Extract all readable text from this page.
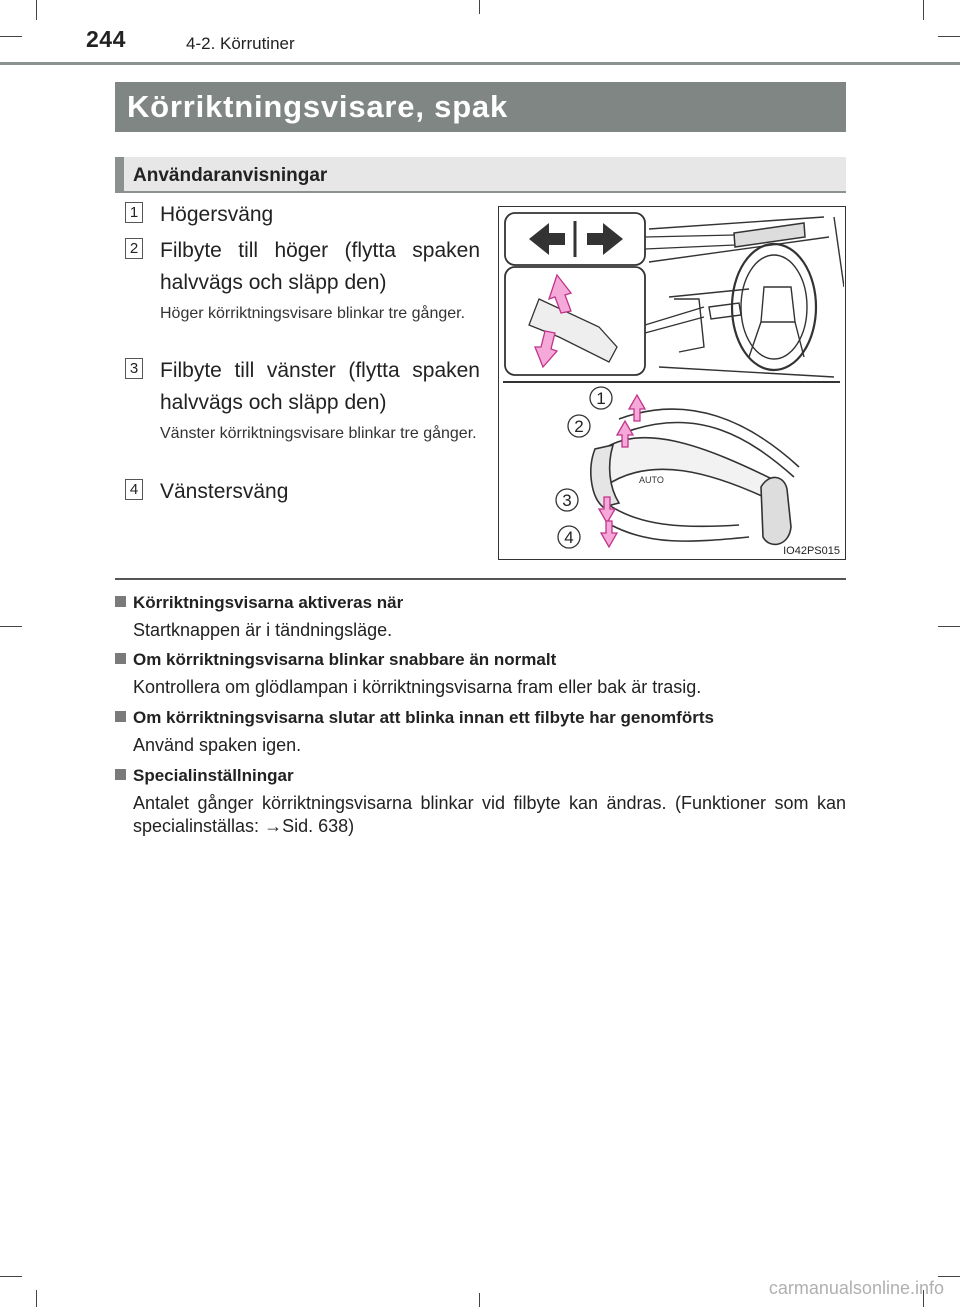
244	4-2. Körrutiner
Körriktningsvisare, spak
Användaranvisningar
1 Högersväng
2 Filbyte till höger (flytta spaken halvvägs och släpp den)
Höger körriktningsvisare blinkar tre gånger.
3 Filbyte till vänster (flytta spaken halvvägs och släpp den)
Vänster körriktningsvisare blinkar tre gånger.
4 Vänstersväng	AUTO
1
2
3
4
IO42PS015
Körriktningsvisarna aktiveras när
Startknappen är i tändningsläge.
Om körriktningsvisarna blinkar snabbare än normalt
Kontrollera om glödlampan i körriktningsvisarna fram eller bak är trasig.
Om körriktningsvisarna slutar att blinka innan ett filbyte har genomförts
Använd spaken igen.
Specialinställningar
Antalet gånger körriktningsvisarna blinkar vid filbyte kan ändras. (Funktioner som kan specialinställas: →Sid. 638)
carmanualsonline.info
